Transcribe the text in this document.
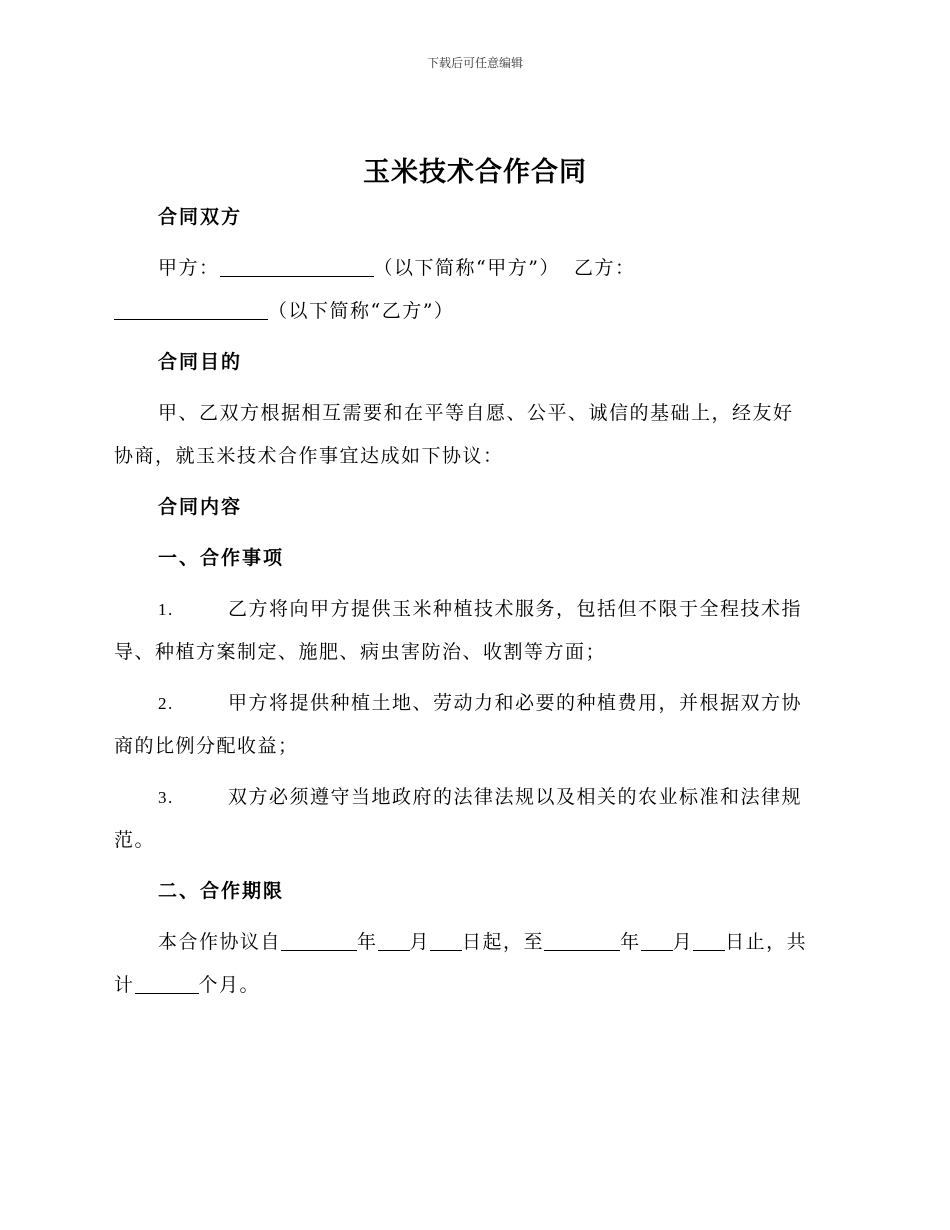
下载后可任意编辑
玉米技术合作合同
合同双方
甲方：	（以下简称“甲方”） 乙方：
（以下简称“乙方”）
合同目的
甲、乙双方根据相互需要和在平等自愿、公平、诚信的基础上，经友好
协商，就玉米技术合作事宜达成如下协议：
合同内容
一、合作事项
1.	乙方将向甲方提供玉米种植技术服务，包括但不限于全程技术指
导、种植方案制定、施肥、病虫害防治、收割等方面；
2.	甲方将提供种植土地、劳动力和必要的种植费用，并根据双方协
商的比例分配收益；
3.	双方必须遵守当地政府的法律法规以及相关的农业标准和法律规
范。
二、合作期限
本合作协议自	年 月 日起，至	年 月 日止，共
计	个月。
